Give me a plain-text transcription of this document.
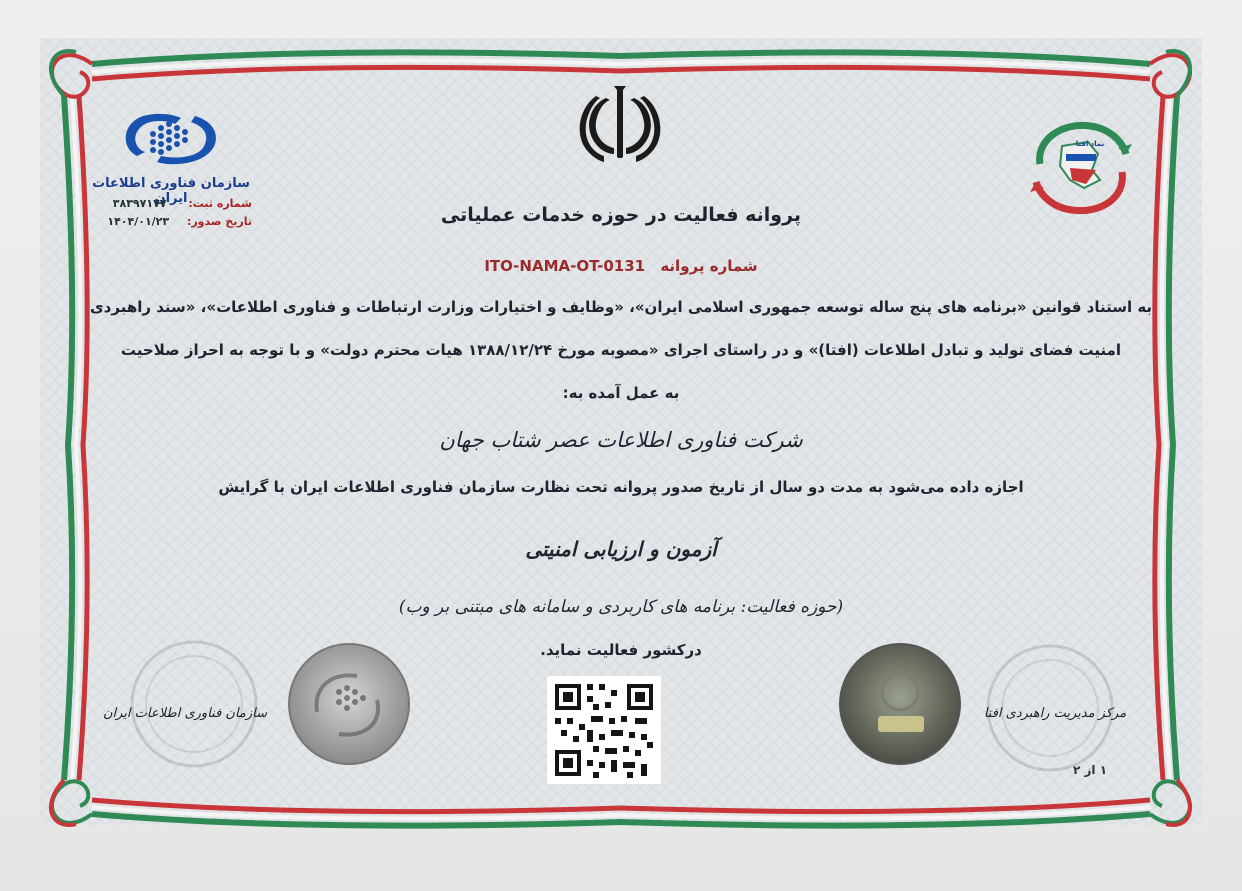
سازمان فناوری اطلاعات ایران شماره ثبت: ۳۸۳۹۷۱۷۷
تاریخ صدور: ۱۴۰۴/۰۱/۲۳
نماد افتا
پروانه فعالیت در حوزه خدمات عملیاتی
ITO-NAMA-OT-0131 شماره پروانه
به استناد قوانین «برنامه های پنج ساله توسعه جمهوری اسلامی ایران»، «وظایف و اختیارات وزارت ارتباطات و فناوری اطلاعات»، «سند راهبردی
امنیت فضای تولید و تبادل اطلاعات (افتا)» و در راستای اجرای «مصوبه مورخ ۱۳۸۸/۱۲/۲۴ هیات محترم دولت» و با توجه به احراز صلاحیت
به عمل آمده به:
شرکت فناوری اطلاعات عصر شتاب جهان
اجازه داده می‌شود به مدت دو سال از تاریخ صدور پروانه تحت نظارت سازمان فناوری اطلاعات ایران با گرایش
آزمون و ارزیابی امنیتی
(حوزه فعالیت: برنامه های کاربردی و سامانه های مبتنی بر وب)
درکشور فعالیت نماید.
سازمان فناوری اطلاعات ایران	مرکز مدیریت راهبردی افتا
۱ از ۲
